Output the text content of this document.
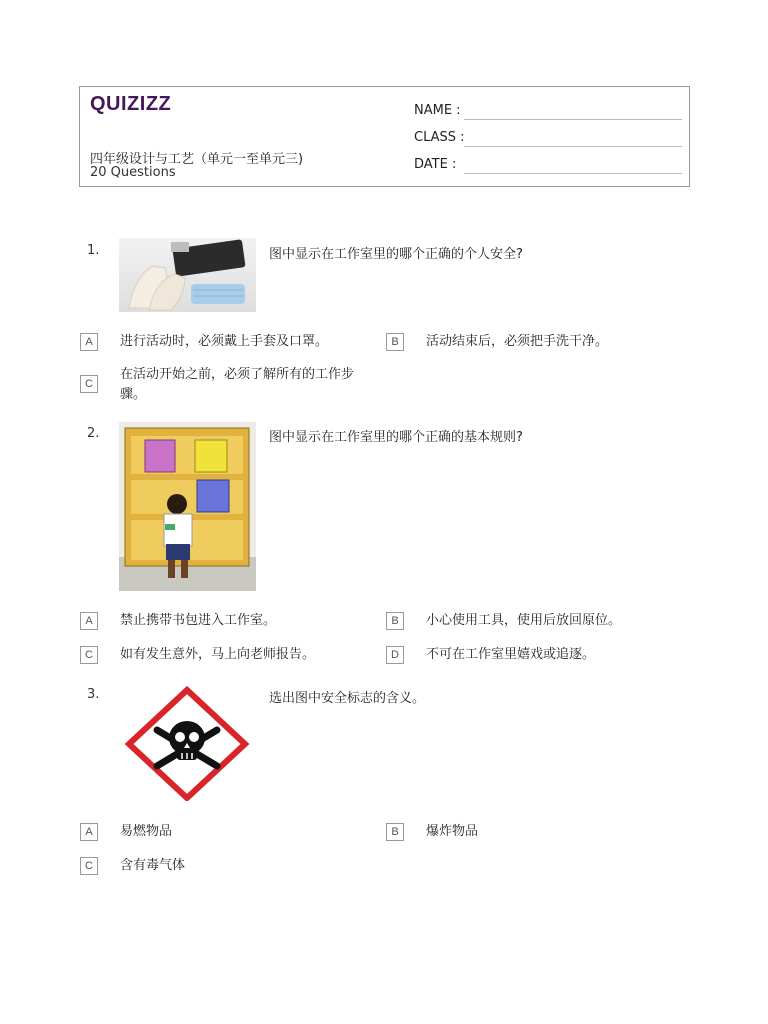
QUIZIZZ
四年级设计与工艺（单元一至单元三)
20 Questions
NAME :
CLASS :
DATE :
1.	图中显示在工作室里的哪个正确的个人安全?
A	进行活动时，必须戴上手套及口罩。	B	活动结束后，必须把手洗干净。
C
在活动开始之前，必须了解所有的工作步骤。
2.	图中显示在工作室里的哪个正确的基本规则?
A	禁止携带书包进入工作室。	B	小心使用工具，使用后放回原位。
C	如有发生意外，马上向老师报告。	D	不可在工作室里嬉戏或追逐。
3.	选出图中安全标志的含义。
A	易燃物品	B	爆炸物品
C	含有毒气体
